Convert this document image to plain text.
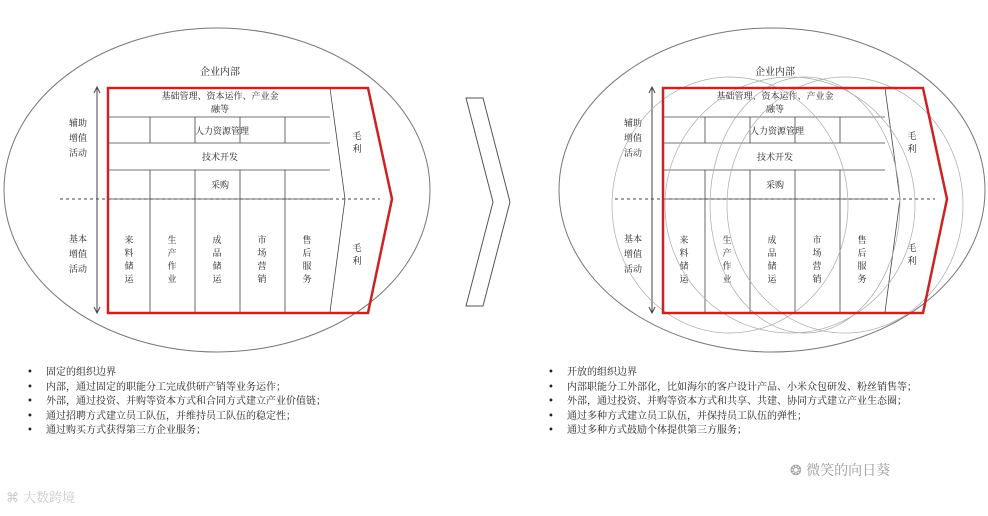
企业内部
辅助
增值
活动
基本
增值
活动
基础管理、资本运作、产业金
融等
人力资源管理
技术开发
采购
来
料
储
运
生
产
作
业
成
品
储
运
市
场
营
销
售
后
服
务
毛
利
毛
利
企业内部
辅助
增值
活动
基本
增值
活动
基础管理、资本运作、产业金
融等
人力资源管理
技术开发
采购
来
料
储
运
生
产
作
业
成
品
储
运
市
场
营
销
售
后
服
务
毛
利
毛
利
• 固定的组织边界
• 内部，通过固定的职能分工完成供研产销等业务运作；
• 外部，通过投资、并购等资本方式和合同方式建立产业价值链；
• 通过招聘方式建立员工队伍，并维持员工队伍的稳定性；
• 通过购买方式获得第三方企业服务；
• 开放的组织边界
• 内部职能分工外部化，比如海尔的客户设计产品、小米众包研发、粉丝销售等；
• 外部，通过投资、并购等资本方式和共享、共建、协同方式建立产业生态圈；
• 通过多种方式建立员工队伍，并保持员工队伍的弹性；
• 通过多种方式鼓励个体提供第三方服务；
⌘ 大数跨境
❂ 微笑的向日葵
